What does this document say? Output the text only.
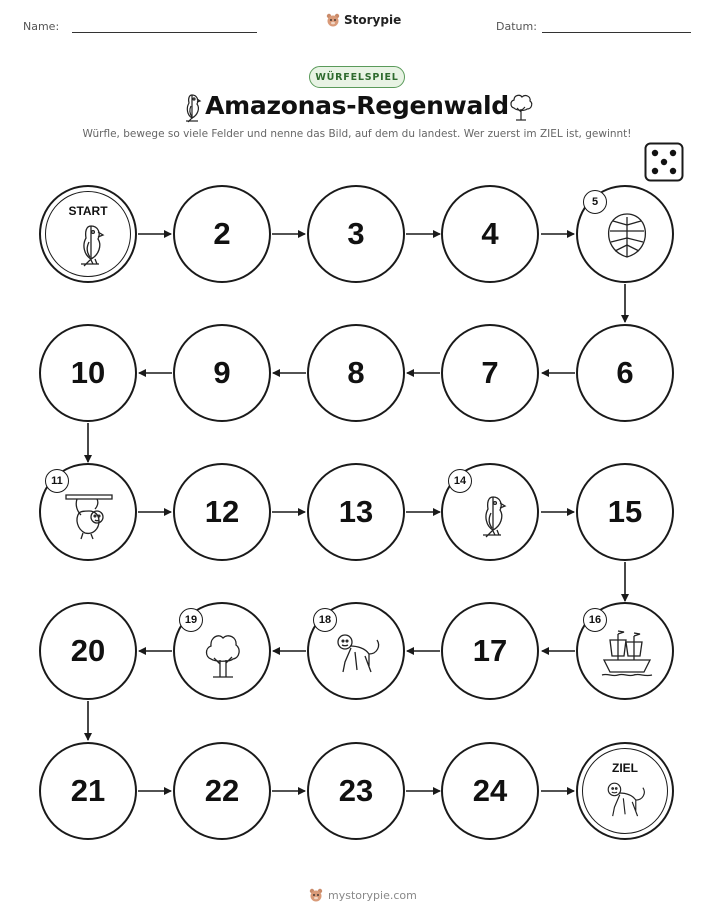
Name:	Storypie	Datum:
WÜRFELSPIEL
Amazonas-Regenwald
Würfle, bewege so viele Felder und nenne das Bild, auf dem du landest. Wer zuerst im ZIEL ist, gewinnt!
START
2	3	4
5
10	9	8	7	6
11
12	13
14
15
20
19	18
17
16
21	22	23	24
ZIEL
mystorypie.com
